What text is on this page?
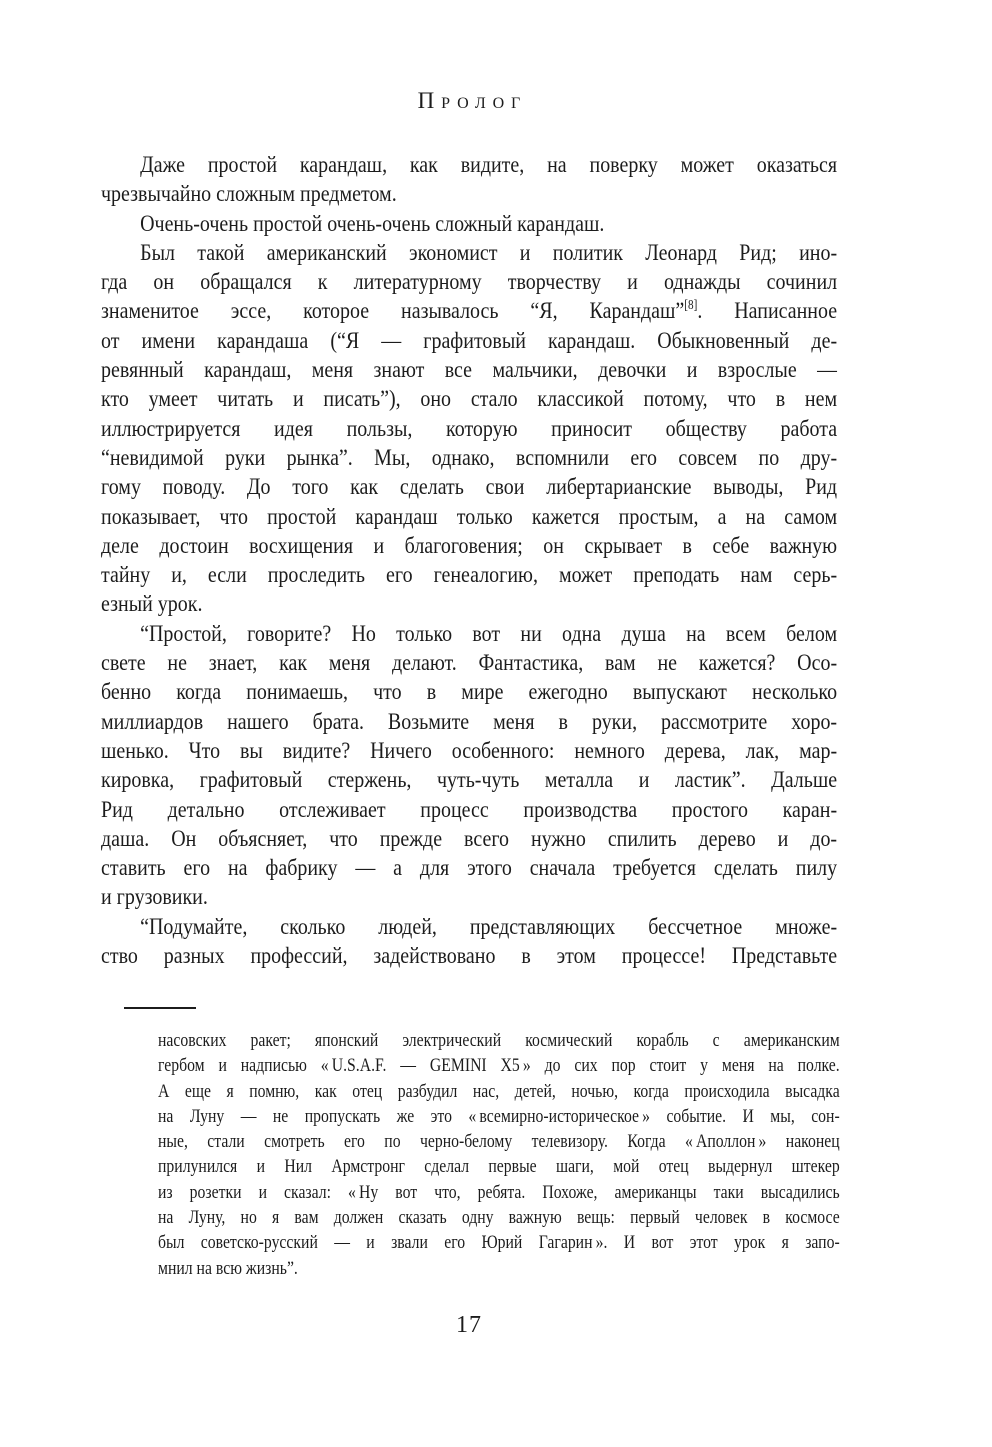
Пролог
Даже простой карандаш, как видите, на поверку может оказаться
чрезвычайно сложным предметом.
Очень-очень простой очень-очень сложный карандаш.
Был такой американский экономист и политик Леонард Рид; ино-
гда он обращался к литературному творчеству и однажды сочинил
знаменитое эссе, которое называлось “Я, Карандаш”[8]. Написанное
от имени карандаша (“Я — графитовый карандаш. Обыкновенный де-
ревянный карандаш, меня знают все мальчики, девочки и взрослые —
кто умеет читать и писать”), оно стало классикой потому, что в нем
иллюстрируется идея пользы, которую приносит обществу работа
“невидимой руки рынка”. Мы, однако, вспомнили его совсем по дру-
гому поводу. До того как сделать свои либертарианские выводы, Рид
показывает, что простой карандаш только кажется простым, а на самом
деле достоин восхищения и благоговения; он скрывает в себе важную
тайну и, если проследить его генеалогию, может преподать нам серь-
езный урок.
“Простой, говорите? Но только вот ни одна душа на всем белом
свете не знает, как меня делают. Фантастика, вам не кажется? Осо-
бенно когда понимаешь, что в мире ежегодно выпускают несколько
миллиардов нашего брата. Возьмите меня в руки, рассмотрите хоро-
шенько. Что вы видите? Ничего особенного: немного дерева, лак, мар-
кировка, графитовый стержень, чуть-чуть металла и ластик”. Дальше
Рид детально отслеживает процесс производства простого каран-
даша. Он объясняет, что прежде всего нужно спилить дерево и до-
ставить его на фабрику — а для этого сначала требуется сделать пилу
и грузовики.
“Подумайте, сколько людей, представляющих бессчетное множе-
ство разных профессий, задействовано в этом процессе! Представьте
насовских ракет; японский электрический космический корабль с американским
гербом и надписью « U.S.A.F. — GEMINI X5 » до сих пор стоит у меня на полке.
А еще я помню, как отец разбудил нас, детей, ночью, когда происходила высадка
на Луну — не пропускать же это « всемирно-историческое » событие. И мы, сон-
ные, стали смотреть его по черно-белому телевизору. Когда « Аполлон » наконец
прилунился и Нил Армстронг сделал первые шаги, мой отец выдернул штекер
из розетки и сказал: « Ну вот что, ребята. Похоже, американцы таки высадились
на Луну, но я вам должен сказать одну важную вещь: первый человек в космосе
был советско-русский — и звали его Юрий Гагарин ». И вот этот урок я запо-
мнил на всю жизнь”.
17
